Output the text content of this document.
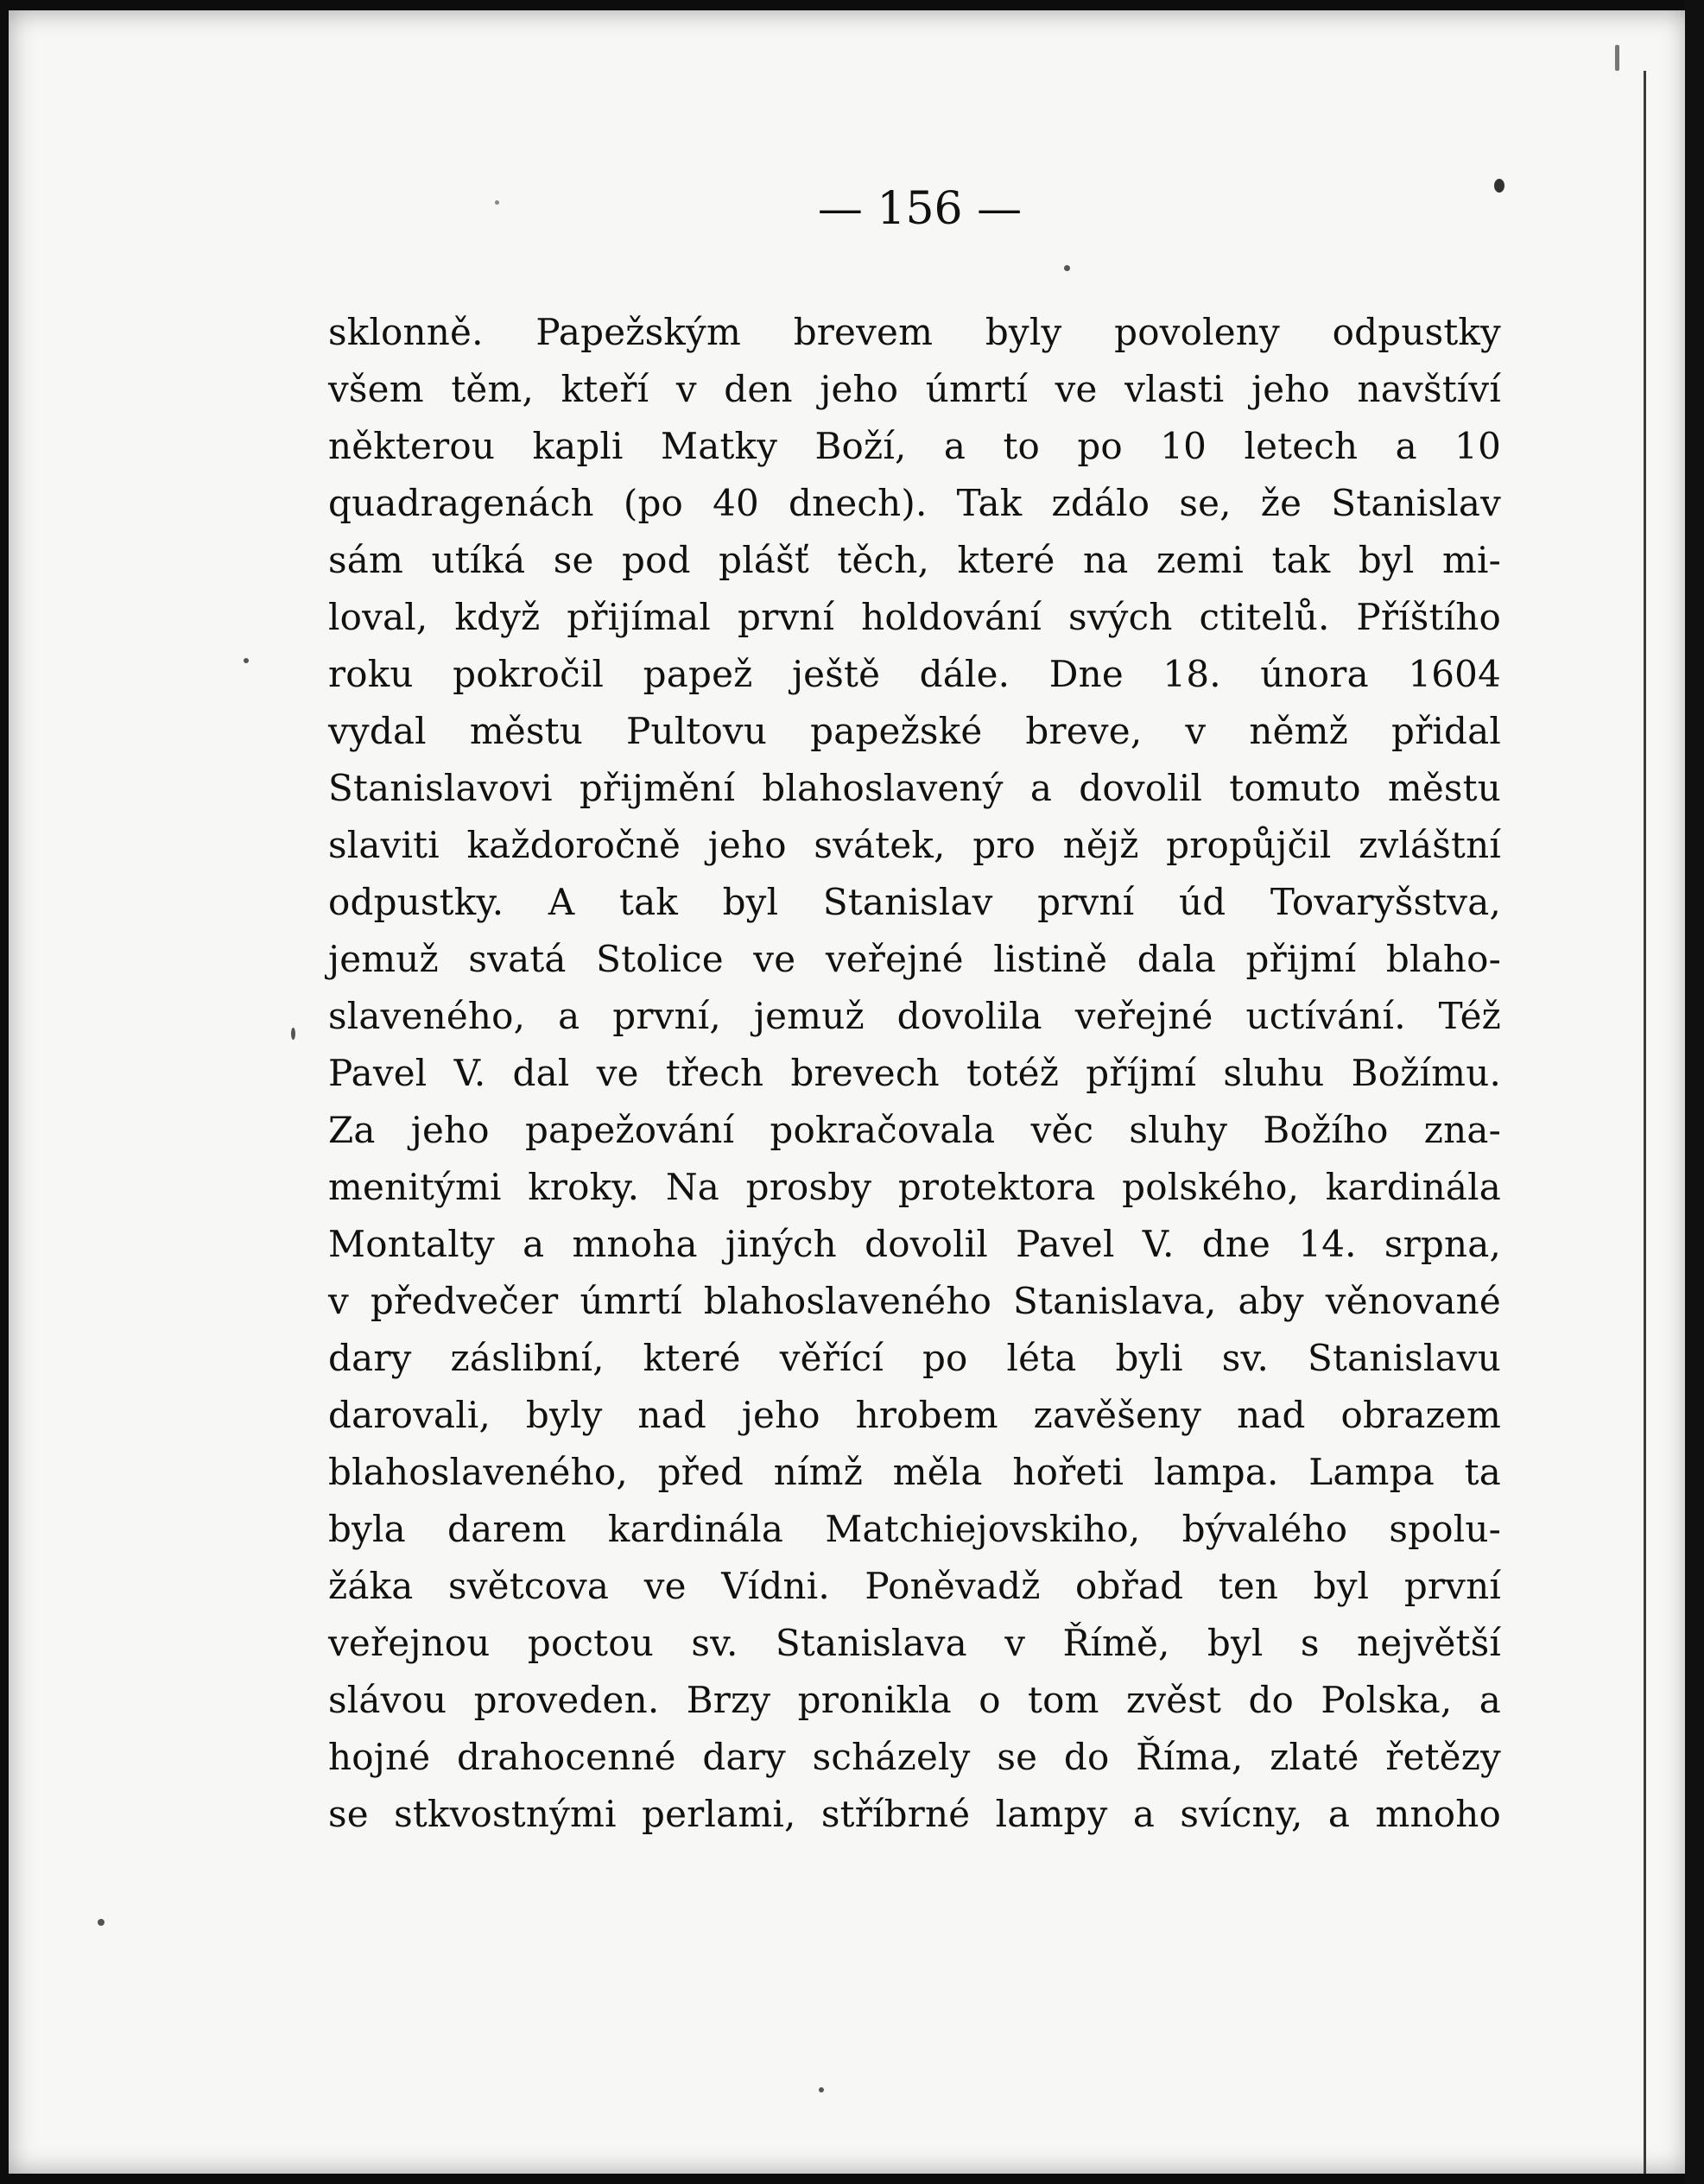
— 156 —
sklonně. Papežským brevem byly povoleny odpustky
všem těm, kteří v den jeho úmrtí ve vlasti jeho navštíví
některou kapli Matky Boží, a to po 10 letech a 10
quadragenách (po 40 dnech). Tak zdálo se, že Stanislav
sám utíká se pod plášť těch, které na zemi tak byl mi-
loval, když přijímal první holdování svých ctitelů. Příštího
roku pokročil papež ještě dále. Dne 18. února 1604
vydal městu Pultovu papežské breve, v němž přidal
Stanislavovi přijmění blahoslavený a dovolil tomuto městu
slaviti každoročně jeho svátek, pro nějž propůjčil zvláštní
odpustky. A tak byl Stanislav první úd Tovaryšstva,
jemuž svatá Stolice ve veřejné listině dala přijmí blaho-
slaveného, a první, jemuž dovolila veřejné uctívání. Též
Pavel V. dal ve třech brevech totéž příjmí sluhu Božímu.
Za jeho papežování pokračovala věc sluhy Božího zna-
menitými kroky. Na prosby protektora polského, kardinála
Montalty a mnoha jiných dovolil Pavel V. dne 14. srpna,
v předvečer úmrtí blahoslaveného Stanislava, aby věnované
dary záslibní, které věřící po léta byli sv. Stanislavu
darovali, byly nad jeho hrobem zavěšeny nad obrazem
blahoslaveného, před nímž měla hořeti lampa. Lampa ta
byla darem kardinála Matchiejovskiho, bývalého spolu-
žáka světcova ve Vídni. Poněvadž obřad ten byl první
veřejnou poctou sv. Stanislava v Římě, byl s největší
slávou proveden. Brzy pronikla o tom zvěst do Polska, a
hojné drahocenné dary scházely se do Říma, zlaté řetězy
se stkvostnými perlami, stříbrné lampy a svícny, a mnoho
